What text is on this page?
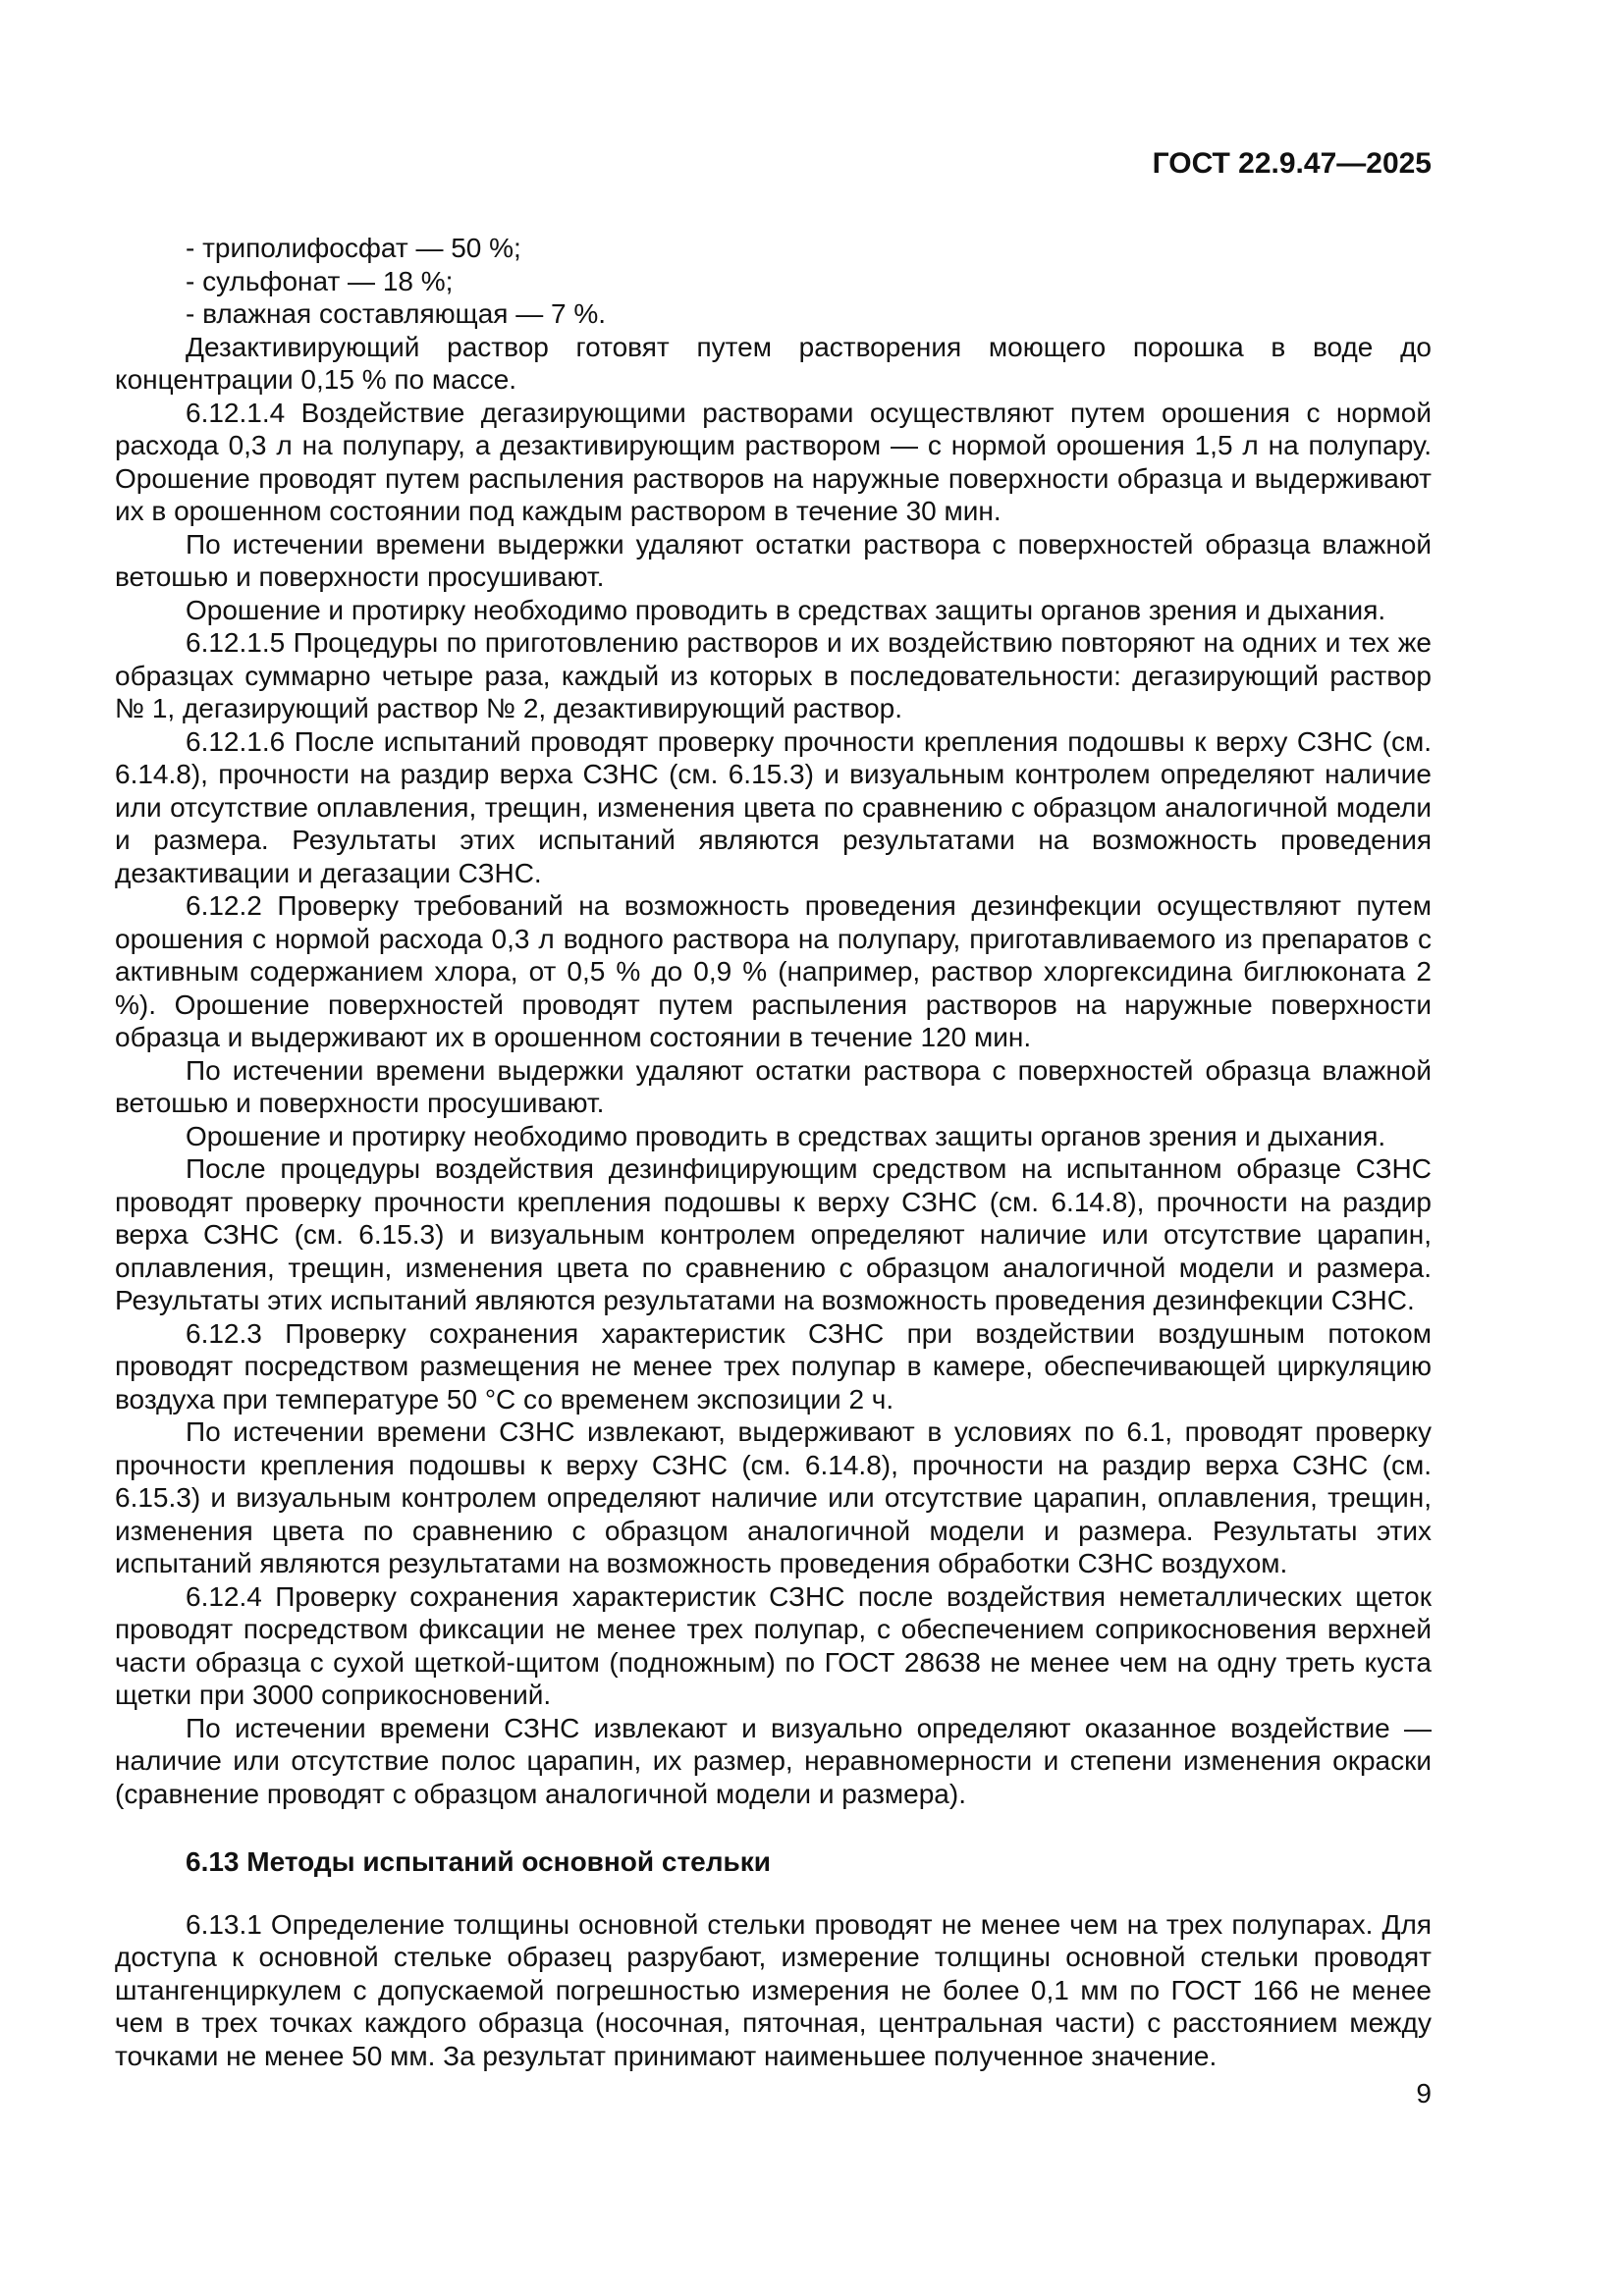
ГОСТ 22.9.47—2025

- триполифосфат — 50 %;

- сульфонат — 18 %;

- влажная составляющая — 7 %.

Дезактивирующий раствор готовят путем растворения моющего порошка в воде до концентрации 0,15 % по массе.

6.12.1.4 Воздействие дегазирующими растворами осуществляют путем орошения с нормой расхода 0,3 л на полупару, а дезактивирующим раствором — с нормой орошения 1,5 л на полупару. Орошение проводят путем распыления растворов на наружные поверхности образца и выдерживают их в орошенном состоянии под каждым раствором в течение 30 мин.

По истечении времени выдержки удаляют остатки раствора с поверхностей образца влажной ветошью и поверхности просушивают.

Орошение и протирку необходимо проводить в средствах защиты органов зрения и дыхания.

6.12.1.5 Процедуры по приготовлению растворов и их воздействию повторяют на одних и тех же образцах суммарно четыре раза, каждый из которых в последовательности: дегазирующий раствор № 1, дегазирующий раствор № 2, дезактивирующий раствор.

6.12.1.6 После испытаний проводят проверку прочности крепления подошвы к верху СЗНС (см. 6.14.8), прочности на раздир верха СЗНС (см. 6.15.3) и визуальным контролем определяют наличие или отсутствие оплавления, трещин, изменения цвета по сравнению с образцом аналогичной модели и размера. Результаты этих испытаний являются результатами на возможность проведения дезактивации и дегазации СЗНС.

6.12.2 Проверку требований на возможность проведения дезинфекции осуществляют путем орошения с нормой расхода 0,3 л водного раствора на полупару, приготавливаемого из препаратов с активным содержанием хлора, от 0,5 % до 0,9 % (например, раствор хлоргексидина биглюконата 2 %). Орошение поверхностей проводят путем распыления растворов на наружные поверхности образца и выдерживают их в орошенном состоянии в течение 120 мин.

По истечении времени выдержки удаляют остатки раствора с поверхностей образца влажной ветошью и поверхности просушивают.

Орошение и протирку необходимо проводить в средствах защиты органов зрения и дыхания.

После процедуры воздействия дезинфицирующим средством на испытанном образце СЗНС проводят проверку прочности крепления подошвы к верху СЗНС (см. 6.14.8), прочности на раздир верха СЗНС (см. 6.15.3) и визуальным контролем определяют наличие или отсутствие царапин, оплавления, трещин, изменения цвета по сравнению с образцом аналогичной модели и размера. Результаты этих испытаний являются результатами на возможность проведения дезинфекции СЗНС.

6.12.3 Проверку сохранения характеристик СЗНС при воздействии воздушным потоком проводят посредством размещения не менее трех полупар в камере, обеспечивающей циркуляцию воздуха при температуре 50 °С со временем экспозиции 2 ч.

По истечении времени СЗНС извлекают, выдерживают в условиях по 6.1, проводят проверку прочности крепления подошвы к верху СЗНС (см. 6.14.8), прочности на раздир верха СЗНС (см. 6.15.3) и визуальным контролем определяют наличие или отсутствие царапин, оплавления, трещин, изменения цвета по сравнению с образцом аналогичной модели и размера. Результаты этих испытаний являются результатами на возможность проведения обработки СЗНС воздухом.

6.12.4 Проверку сохранения характеристик СЗНС после воздействия неметаллических щеток проводят посредством фиксации не менее трех полупар, с обеспечением соприкосновения верхней части образца с сухой щеткой-щитом (подножным) по ГОСТ 28638 не менее чем на одну треть куста щетки при 3000 соприкосновений.

По истечении времени СЗНС извлекают и визуально определяют оказанное воздействие — наличие или отсутствие полос царапин, их размер, неравномерности и степени изменения окраски (сравнение проводят с образцом аналогичной модели и размера).

6.13 Методы испытаний основной стельки

6.13.1 Определение толщины основной стельки проводят не менее чем на трех полупарах. Для доступа к основной стельке образец разрубают, измерение толщины основной стельки проводят штангенциркулем с допускаемой погрешностью измерения не более 0,1 мм по ГОСТ 166 не менее чем в трех точках каждого образца (носочная, пяточная, центральная части) с расстоянием между точками не менее 50 мм. За результат принимают наименьшее полученное значение.

9
